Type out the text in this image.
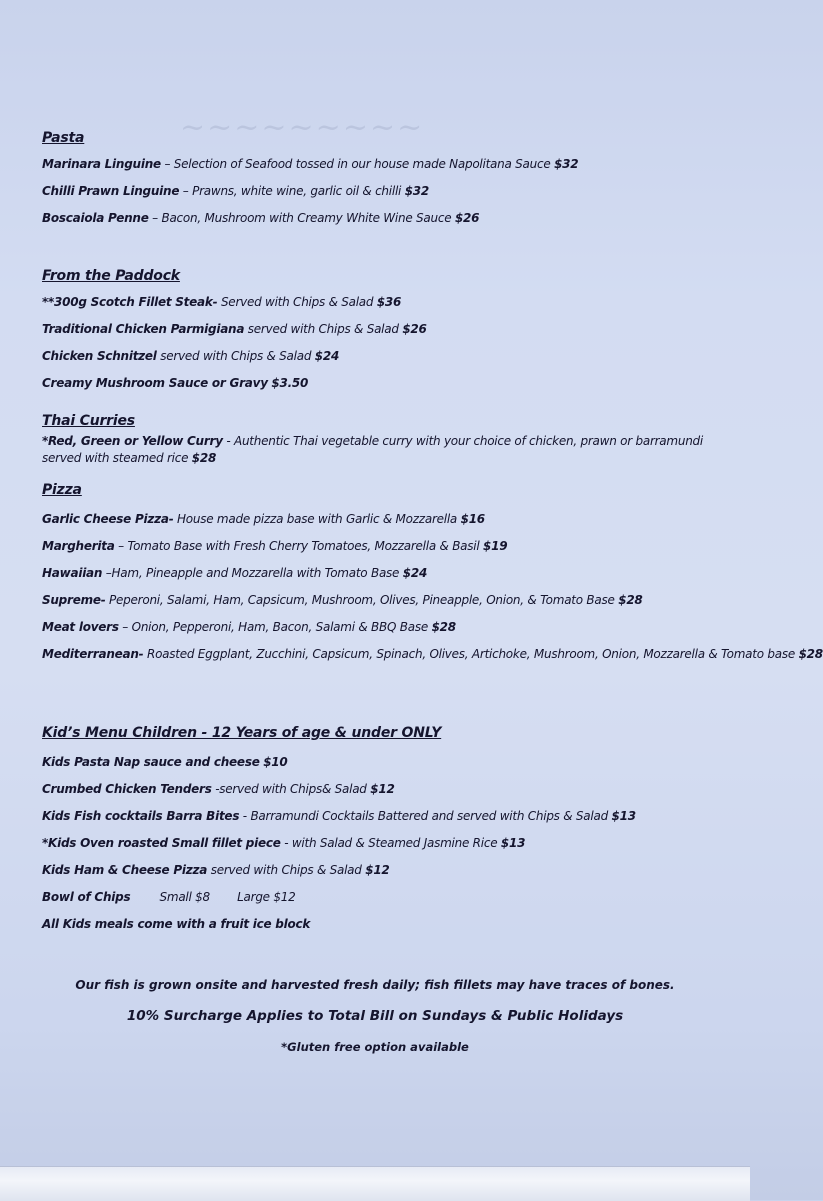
~~~~~~~~~
Pasta
Marinara Linguine – Selection of Seafood tossed in our house made Napolitana Sauce $32
Chilli Prawn Linguine – Prawns, white wine, garlic oil & chilli $32
Boscaiola Penne – Bacon, Mushroom with Creamy White Wine Sauce $26
From the Paddock
**300g Scotch Fillet Steak- Served with Chips & Salad $36
Traditional Chicken Parmigiana served with Chips & Salad $26
Chicken Schnitzel served with Chips & Salad $24
Creamy Mushroom Sauce or Gravy $3.50
Thai Curries
*Red, Green or Yellow Curry - Authentic Thai vegetable curry with your choice of chicken, prawn or barramundi served with steamed rice $28
Pizza
Garlic Cheese Pizza- House made pizza base with Garlic & Mozzarella $16
Margherita – Tomato Base with Fresh Cherry Tomatoes, Mozzarella & Basil $19
Hawaiian –Ham, Pineapple and Mozzarella with Tomato Base $24
Supreme- Peperoni, Salami, Ham, Capsicum, Mushroom, Olives, Pineapple, Onion, & Tomato Base $28
Meat lovers – Onion, Pepperoni, Ham, Bacon, Salami & BBQ Base $28
Mediterranean- Roasted Eggplant, Zucchini, Capsicum, Spinach, Olives, Artichoke, Mushroom, Onion, Mozzarella & Tomato base $28
Kid’s Menu Children - 12 Years of age & under ONLY
Kids Pasta Nap sauce and cheese $10
Crumbed Chicken Tenders -served with Chips& Salad $12
Kids Fish cocktails Barra Bites - Barramundi Cocktails Battered and served with Chips & Salad $13
*Kids Oven roasted Small fillet piece - with Salad & Steamed Jasmine Rice $13
Kids Ham & Cheese Pizza served with Chips & Salad $12
Bowl of Chips Small $8 Large $12
All Kids meals come with a fruit ice block
Our fish is grown onsite and harvested fresh daily; fish fillets may have traces of bones.
10% Surcharge Applies to Total Bill on Sundays & Public Holidays
*Gluten free option available
